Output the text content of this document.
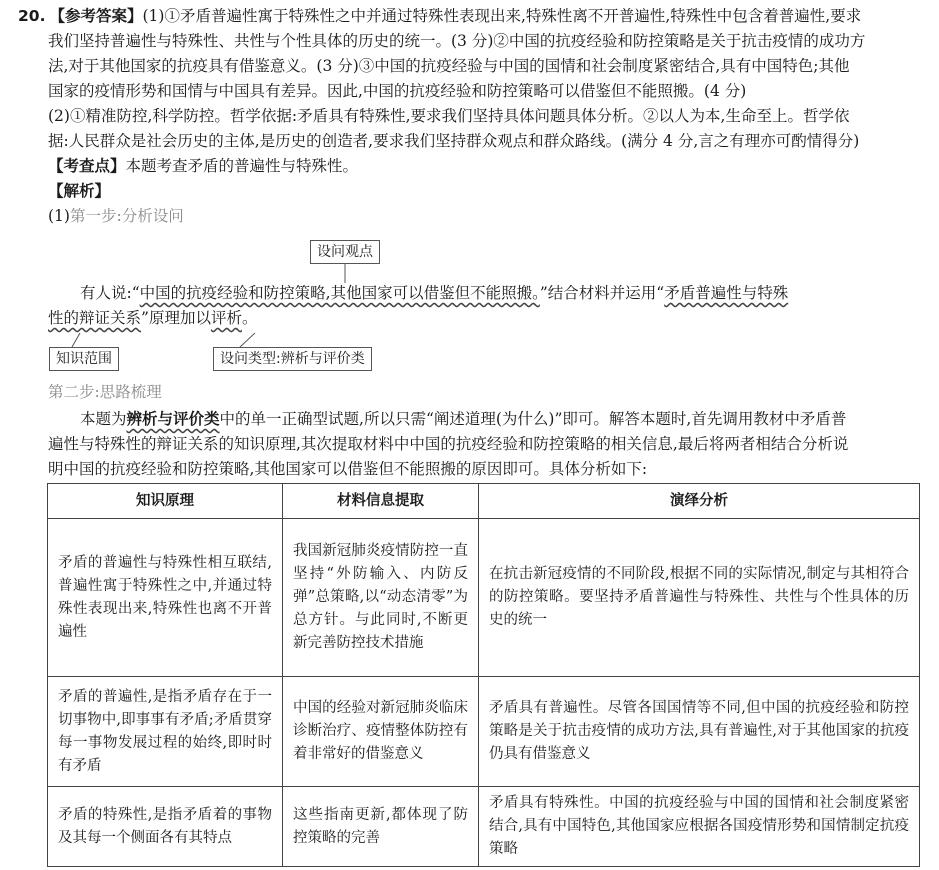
20. 【参考答案】(1)①矛盾普遍性寓于特殊性之中并通过特殊性表现出来,特殊性离不开普遍性,特殊性中包含着普遍性,要求
我们坚持普遍性与特殊性、共性与个性具体的历史的统一。(3 分)②中国的抗疫经验和防控策略是关于抗击疫情的成功方
法,对于其他国家的抗疫具有借鉴意义。(3 分)③中国的抗疫经验与中国的国情和社会制度紧密结合,具有中国特色;其他
国家的疫情形势和国情与中国具有差异。因此,中国的抗疫经验和防控策略可以借鉴但不能照搬。(4 分)

(2)①精准防控,科学防控。哲学依据:矛盾具有特殊性,要求我们坚持具体问题具体分析。②以人为本,生命至上。哲学依
据:人民群众是社会历史的主体,是历史的创造者,要求我们坚持群众观点和群众路线。(满分 4 分,言之有理亦可酌情得分)

【考查点】本题考查矛盾的普遍性与特殊性。

【解析】

(1)第一步:分析设问

设问观点

有人说:“中国的抗疫经验和防控策略,其他国家可以借鉴但不能照搬。”结合材料并运用“矛盾普遍性与特殊
性的辩证关系”原理加以评析。

知识范围	设问类型:辨析与评价类

第二步:思路梳理

本题为辨析与评价类中的单一正确型试题,所以只需“阐述道理(为什么)”即可。解答本题时,首先调用教材中矛盾普
遍性与特殊性的辩证关系的知识原理,其次提取材料中中国的抗疫经验和防控策略的相关信息,最后将两者相结合分析说
明中国的抗疫经验和防控策略,其他国家可以借鉴但不能照搬的原因即可。具体分析如下:

知识原理	材料信息提取	演绎分析
矛盾的普遍性与特殊性相互联结,普遍性寓于特殊性之中,并通过特殊性表现出来,特殊性也离不开普遍性	我国新冠肺炎疫情防控一直坚持“外防输入、内防反弹”总策略,以“动态清零”为总方针。与此同时,不断更新完善防控技术措施	在抗击新冠疫情的不同阶段,根据不同的实际情况,制定与其相符合的防控策略。要坚持矛盾普遍性与特殊性、共性与个性具体的历史的统一
矛盾的普遍性,是指矛盾存在于一切事物中,即事事有矛盾;矛盾贯穿每一事物发展过程的始终,即时时有矛盾	中国的经验对新冠肺炎临床诊断治疗、疫情整体防控有着非常好的借鉴意义	矛盾具有普遍性。尽管各国国情等不同,但中国的抗疫经验和防控策略是关于抗击疫情的成功方法,具有普遍性,对于其他国家的抗疫仍具有借鉴意义
矛盾的特殊性,是指矛盾着的事物及其每一个侧面各有其特点	这些指南更新,都体现了防控策略的完善	矛盾具有特殊性。中国的抗疫经验与中国的国情和社会制度紧密结合,具有中国特色,其他国家应根据各国疫情形势和国情制定抗疫策略
